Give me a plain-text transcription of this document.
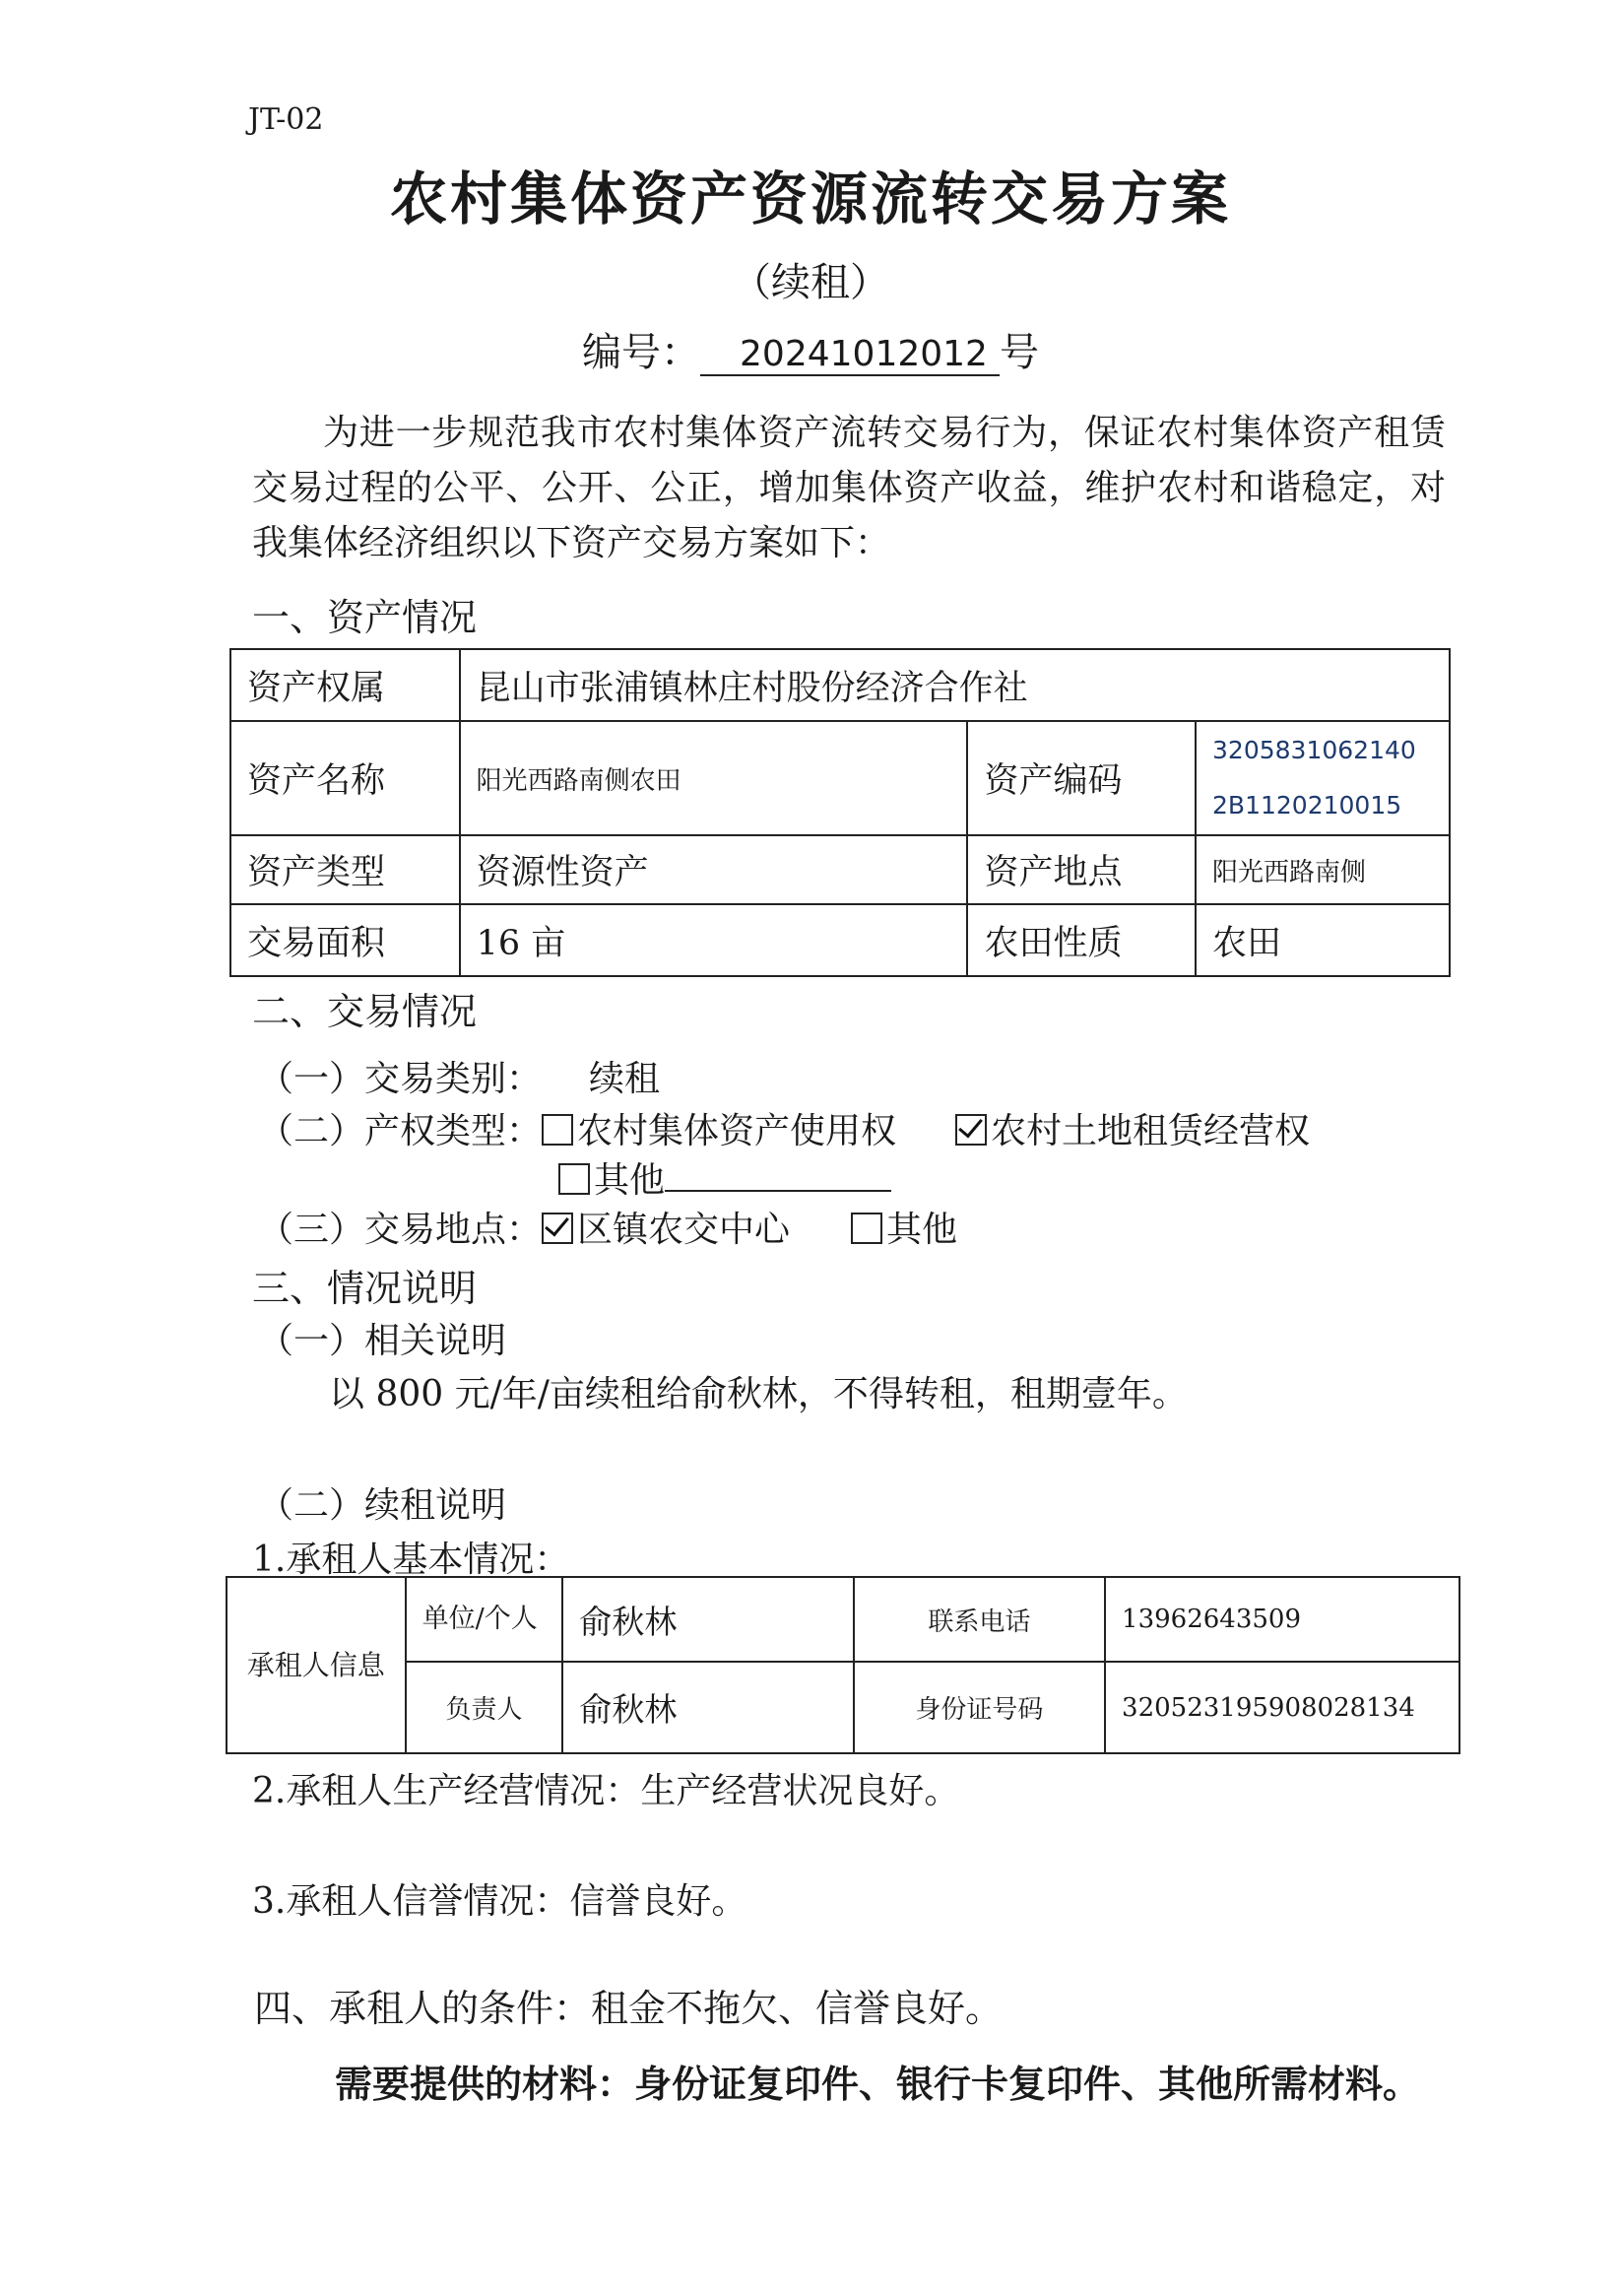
JT-02
农村集体资产资源流转交易方案
（续租）
编号： 20241012012 号
为进一步规范我市农村集体资产流转交易行为，保证农村集体资产租赁交易过程的公平、公开、公正，增加集体资产收益，维护农村和谐稳定，对我集体经济组织以下资产交易方案如下：
一、资产情况
资产权属	昆山市张浦镇林庄村股份经济合作社		
资产名称	阳光西路南侧农田	资产编码	3205831062140
2B1120210015

资产类型	资源性资产	资产地点	阳光西路南侧
交易面积	16 亩	农田性质	农田
二、交易情况
（一）交易类别： 续租
（二）产权类型： 农村集体资产使用权	农村土地租赁经营权
其他
（三）交易地点： 区镇农交中心	其他
三、情况说明
（一）相关说明
以 800 元/年/亩续租给俞秋林，不得转租，租期壹年。
（二）续租说明
1.承租人基本情况：
承租人信息	单位/个人	俞秋林	联系电话	13962643509
	负责人	俞秋林	身份证号码	320523195908028134
2.承租人生产经营情况：生产经营状况良好。
3.承租人信誉情况：信誉良好。
四、承租人的条件：租金不拖欠、信誉良好。
需要提供的材料：身份证复印件、银行卡复印件、其他所需材料。
